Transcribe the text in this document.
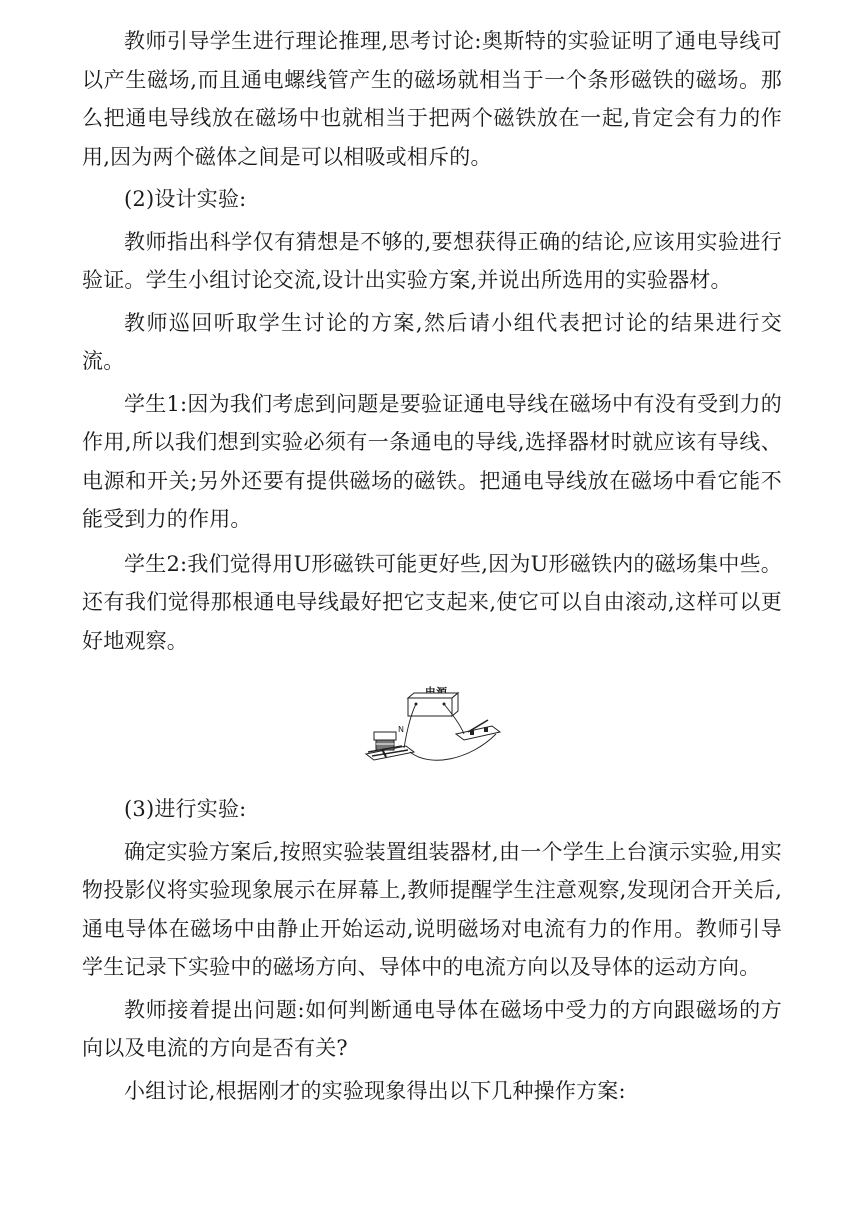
教师引导学生进行理论推理,思考讨论:奥斯特的实验证明了通电导线可以产生磁场,而且通电螺线管产生的磁场就相当于一个条形磁铁的磁场。那么把通电导线放在磁场中也就相当于把两个磁铁放在一起,肯定会有力的作用,因为两个磁体之间是可以相吸或相斥的。

(2)设计实验:

教师指出科学仅有猜想是不够的,要想获得正确的结论,应该用实验进行验证。学生小组讨论交流,设计出实验方案,并说出所选用的实验器材。

教师巡回听取学生讨论的方案,然后请小组代表把讨论的结果进行交流。

学生1:因为我们考虑到问题是要验证通电导线在磁场中有没有受到力的作用,所以我们想到实验必须有一条通电的导线,选择器材时就应该有导线、电源和开关;另外还要有提供磁场的磁铁。把通电导线放在磁场中看它能不能受到力的作用。

学生2:我们觉得用U形磁铁可能更好些,因为U形磁铁内的磁场集中些。还有我们觉得那根通电导线最好把它支起来,使它可以自由滚动,这样可以更好地观察。

N

(3)进行实验:

确定实验方案后,按照实验装置组装器材,由一个学生上台演示实验,用实物投影仪将实验现象展示在屏幕上,教师提醒学生注意观察,发现闭合开关后,通电导体在磁场中由静止开始运动,说明磁场对电流有力的作用。教师引导学生记录下实验中的磁场方向、导体中的电流方向以及导体的运动方向。

教师接着提出问题:如何判断通电导体在磁场中受力的方向跟磁场的方向以及电流的方向是否有关?

小组讨论,根据刚才的实验现象得出以下几种操作方案:
